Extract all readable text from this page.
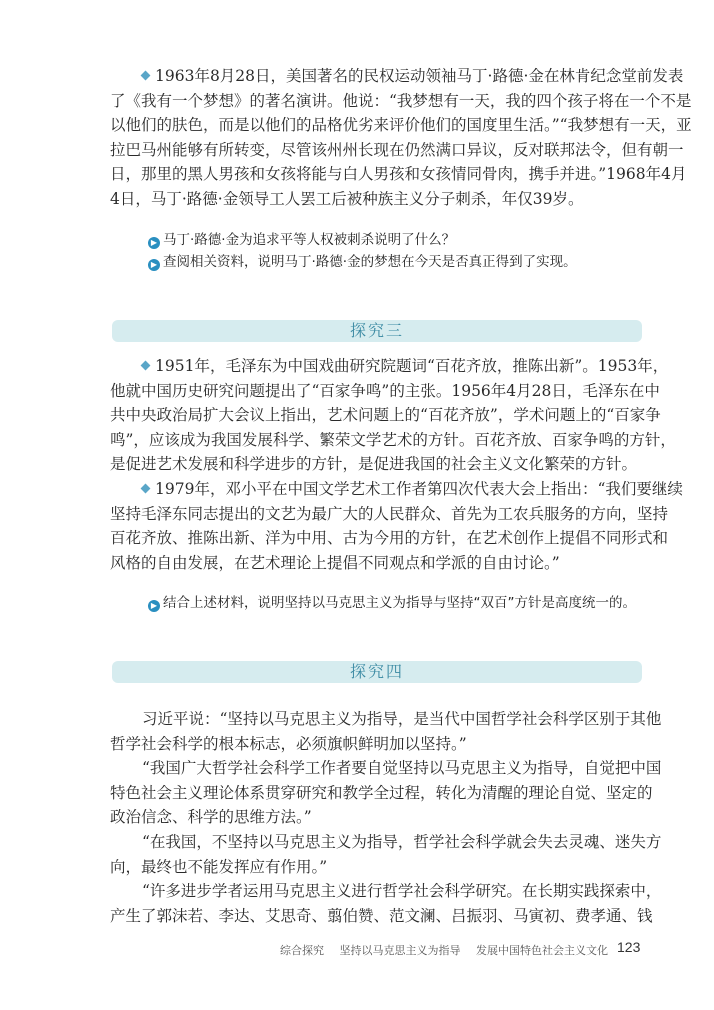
1963年8月28日，美国著名的民权运动领袖马丁·路德·金在林肯纪念堂前发表
了《我有一个梦想》的著名演讲。他说：“我梦想有一天，我的四个孩子将在一个不是
以他们的肤色，而是以他们的品格优劣来评价他们的国度里生活。”“我梦想有一天，亚
拉巴马州能够有所转变，尽管该州州长现在仍然满口异议，反对联邦法令，但有朝一
日，那里的黑人男孩和女孩将能与白人男孩和女孩情同骨肉，携手并进。”1968年4月
4日，马丁·路德·金领导工人罢工后被种族主义分子刺杀，年仅39岁。
▶ 马丁·路德·金为追求平等人权被刺杀说明了什么？
▶ 查阅相关资料，说明马丁·路德·金的梦想在今天是否真正得到了实现。
探究三
1951年，毛泽东为中国戏曲研究院题词“百花齐放，推陈出新”。1953年，
他就中国历史研究问题提出了“百家争鸣”的主张。1956年4月28日，毛泽东在中
共中央政治局扩大会议上指出，艺术问题上的“百花齐放”，学术问题上的“百家争
鸣”，应该成为我国发展科学、繁荣文学艺术的方针。百花齐放、百家争鸣的方针，
是促进艺术发展和科学进步的方针，是促进我国的社会主义文化繁荣的方针。
1979年，邓小平在中国文学艺术工作者第四次代表大会上指出：“我们要继续
坚持毛泽东同志提出的文艺为最广大的人民群众、首先为工农兵服务的方向，坚持
百花齐放、推陈出新、洋为中用、古为今用的方针，在艺术创作上提倡不同形式和
风格的自由发展，在艺术理论上提倡不同观点和学派的自由讨论。”
▶ 结合上述材料，说明坚持以马克思主义为指导与坚持“双百”方针是高度统一的。
探究四
习近平说：“坚持以马克思主义为指导，是当代中国哲学社会科学区别于其他
哲学社会科学的根本标志，必须旗帜鲜明加以坚持。”
“我国广大哲学社会科学工作者要自觉坚持以马克思主义为指导，自觉把中国
特色社会主义理论体系贯穿研究和教学全过程，转化为清醒的理论自觉、坚定的
政治信念、科学的思维方法。”
“在我国，不坚持以马克思主义为指导，哲学社会科学就会失去灵魂、迷失方
向，最终也不能发挥应有作用。”
“许多进步学者运用马克思主义进行哲学社会科学研究。在长期实践探索中，
产生了郭沫若、李达、艾思奇、翦伯赞、范文澜、吕振羽、马寅初、费孝通、钱
综合探究 坚持以马克思主义为指导 发展中国特色社会主义文化 123
